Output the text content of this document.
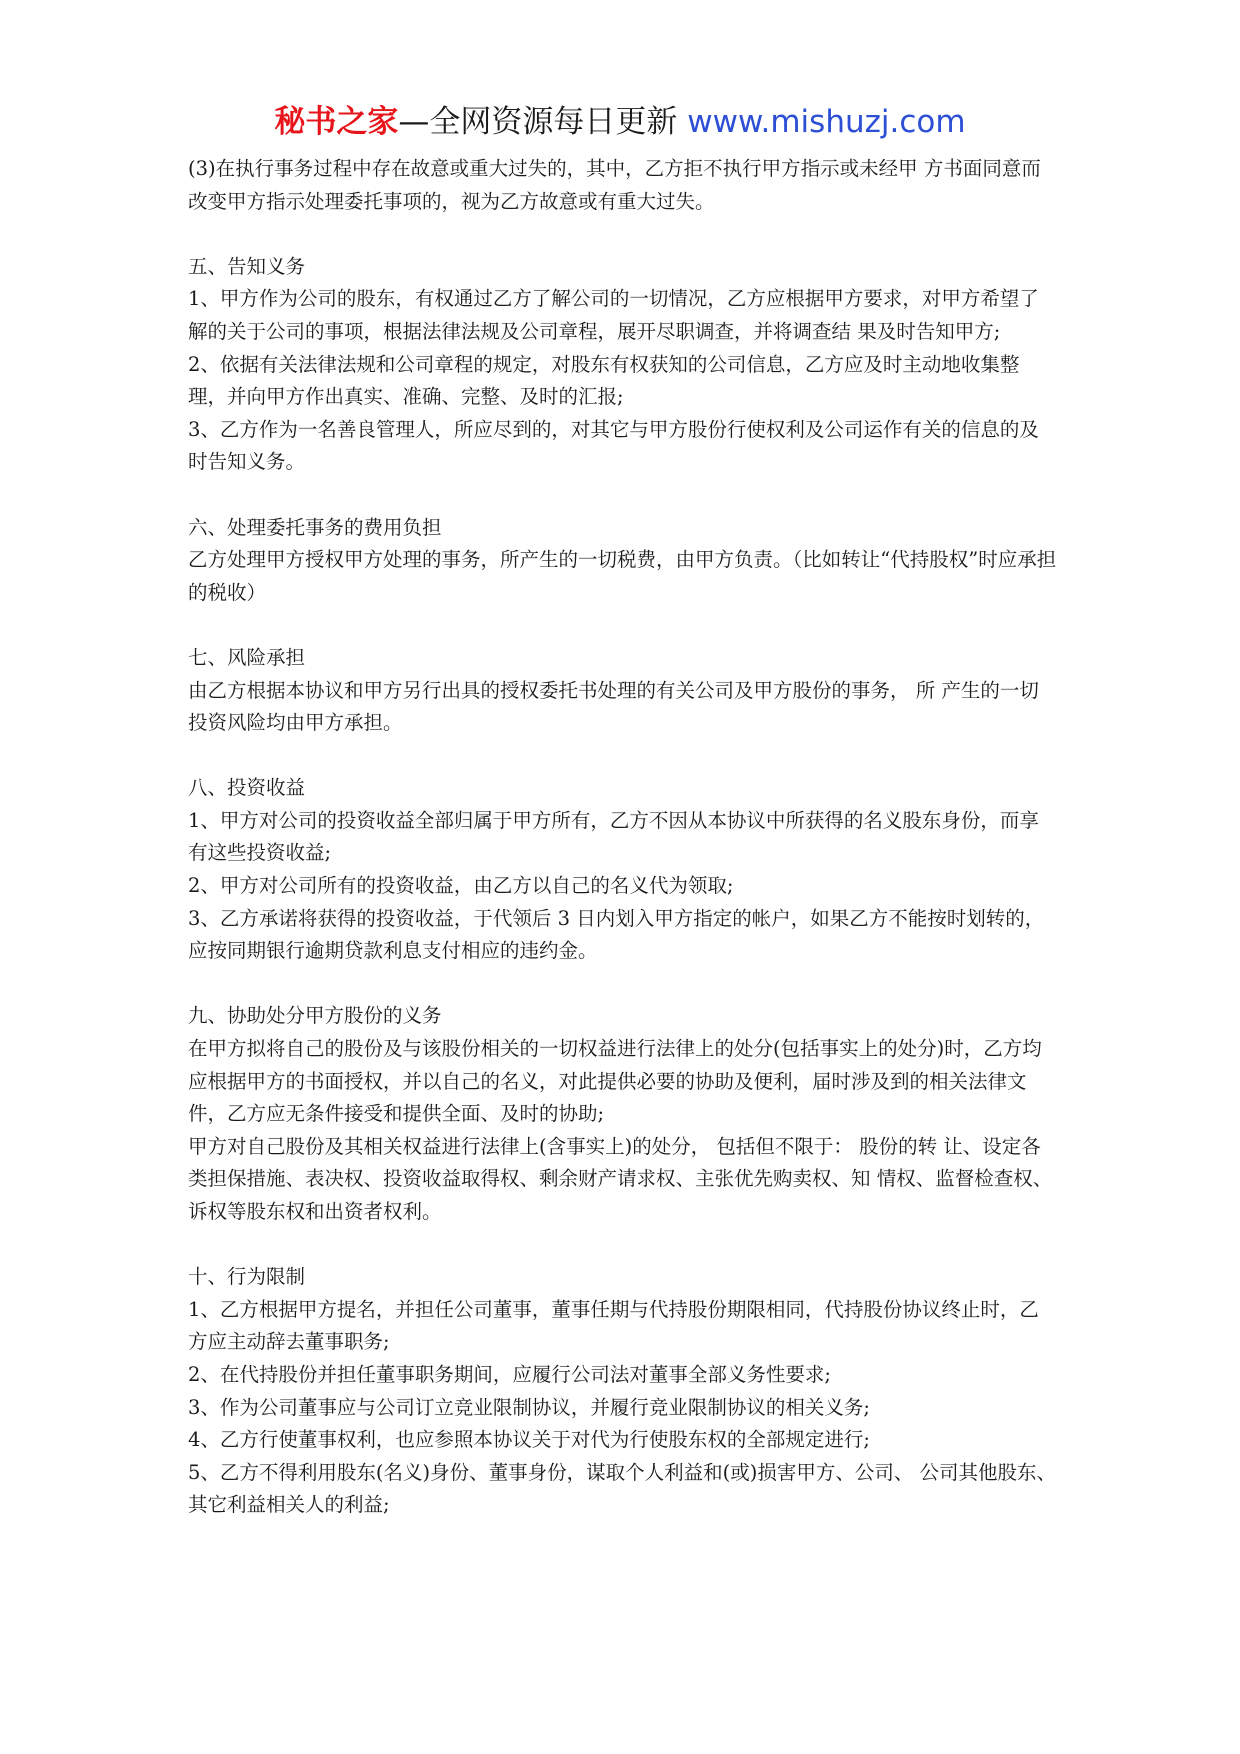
秘书之家—全网资源每日更新 www.mishuzj.com

(3)在执行事务过程中存在故意或重大过失的，其中，乙方拒不执行甲方指示或未经甲 方书面同意而改变甲方指示处理委托事项的，视为乙方故意或有重大过失。

五、告知义务

1、甲方作为公司的股东，有权通过乙方了解公司的一切情况，乙方应根据甲方要求，对甲方希望了解的关于公司的事项，根据法律法规及公司章程，展开尽职调查，并将调查结 果及时告知甲方;

2、依据有关法律法规和公司章程的规定，对股东有权获知的公司信息，乙方应及时主动地收集整理，并向甲方作出真实、准确、完整、及时的汇报;

3、乙方作为一名善良管理人，所应尽到的，对其它与甲方股份行使权利及公司运作有关的信息的及时告知义务。

六、处理委托事务的费用负担

乙方处理甲方授权甲方处理的事务，所产生的一切税费，由甲方负责。（比如转让“代持股权”时应承担的税收）

七、风险承担

由乙方根据本协议和甲方另行出具的授权委托书处理的有关公司及甲方股份的事务， 所 产生的一切投资风险均由甲方承担。

八、投资收益

1、甲方对公司的投资收益全部归属于甲方所有，乙方不因从本协议中所获得的名义股东身份，而享有这些投资收益;

2、甲方对公司所有的投资收益，由乙方以自己的名义代为领取;

3、乙方承诺将获得的投资收益，于代领后 3 日内划入甲方指定的帐户，如果乙方不能按时划转的，应按同期银行逾期贷款利息支付相应的违约金。

九、协助处分甲方股份的义务

在甲方拟将自己的股份及与该股份相关的一切权益进行法律上的处分(包括事实上的处分)时，乙方均应根据甲方的书面授权，并以自己的名义，对此提供必要的协助及便利，届时涉及到的相关法律文件，乙方应无条件接受和提供全面、及时的协助;

甲方对自己股份及其相关权益进行法律上(含事实上)的处分， 包括但不限于： 股份的转 让、设定各类担保措施、表决权、投资收益取得权、剩余财产请求权、主张优先购卖权、知 情权、监督检查权、诉权等股东权和出资者权利。

十、行为限制

1、乙方根据甲方提名，并担任公司董事，董事任期与代持股份期限相同，代持股份协议终止时，乙方应主动辞去董事职务;

2、在代持股份并担任董事职务期间，应履行公司法对董事全部义务性要求;

3、作为公司董事应与公司订立竞业限制协议，并履行竞业限制协议的相关义务;

4、乙方行使董事权利，也应参照本协议关于对代为行使股东权的全部规定进行;

5、乙方不得利用股东(名义)身份、董事身份，谋取个人利益和(或)损害甲方、公司、 公司其他股东、其它利益相关人的利益;
